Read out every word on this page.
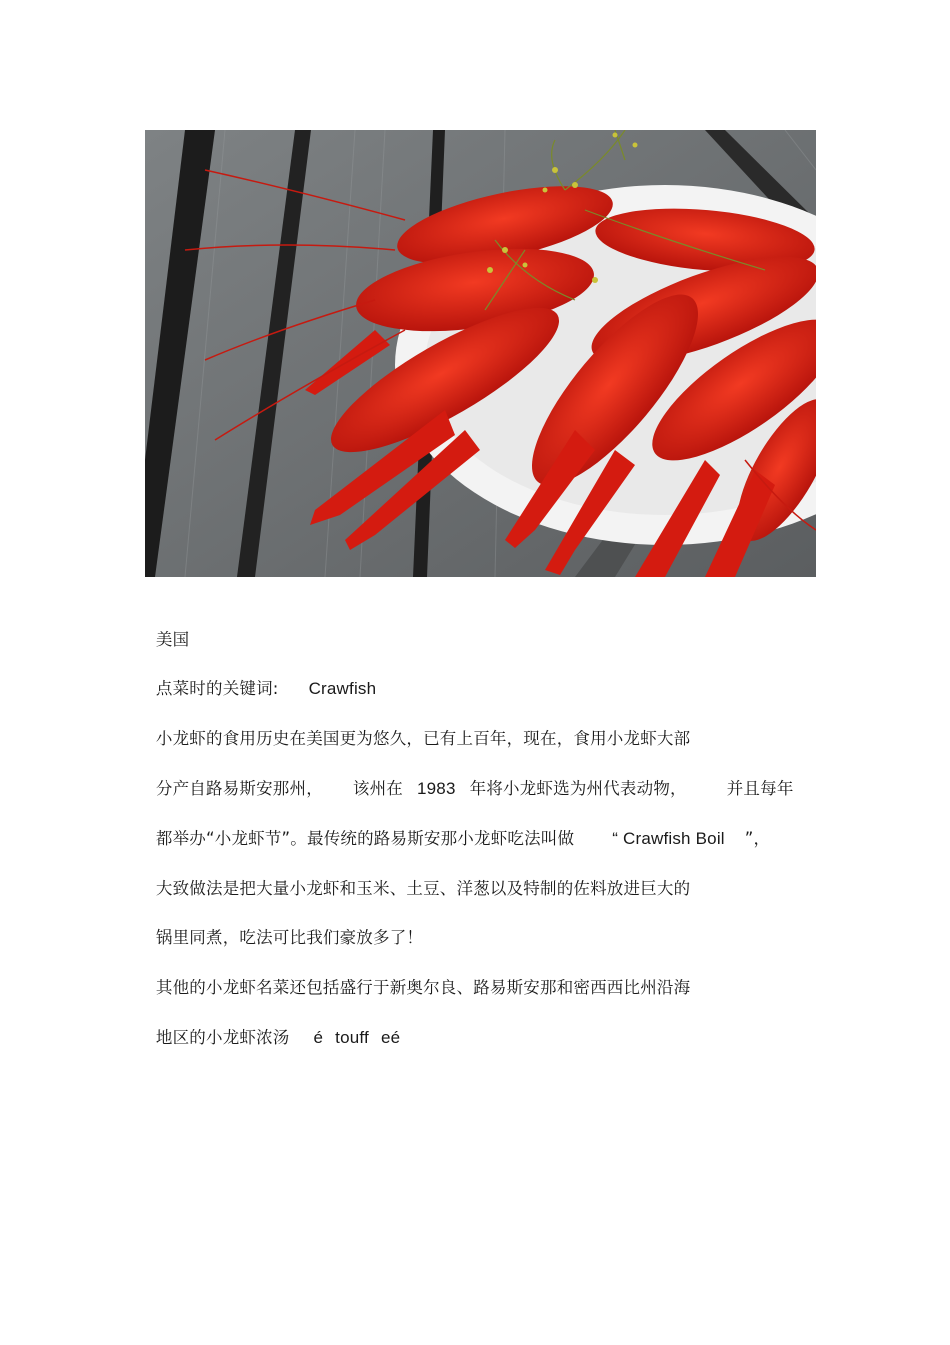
美国

点菜时的关键词: Crawfish

小龙虾的食用历史在美国更为悠久，已有上百年，现在，食用小龙虾大部

分产自路易斯安那州， 该州在 1983 年将小龙虾选为州代表动物， 并且每年

都举办“小龙虾节”。最传统的路易斯安那小龙虾吃法叫做 “ Crawfish Boil ”，

大致做法是把大量小龙虾和玉米、土豆、洋葱以及特制的佐料放进巨大的

锅里同煮，吃法可比我们豪放多了！

其他的小龙虾名菜还包括盛行于新奥尔良、路易斯安那和密西西比州沿海

地区的小龙虾浓汤 é touff eé
